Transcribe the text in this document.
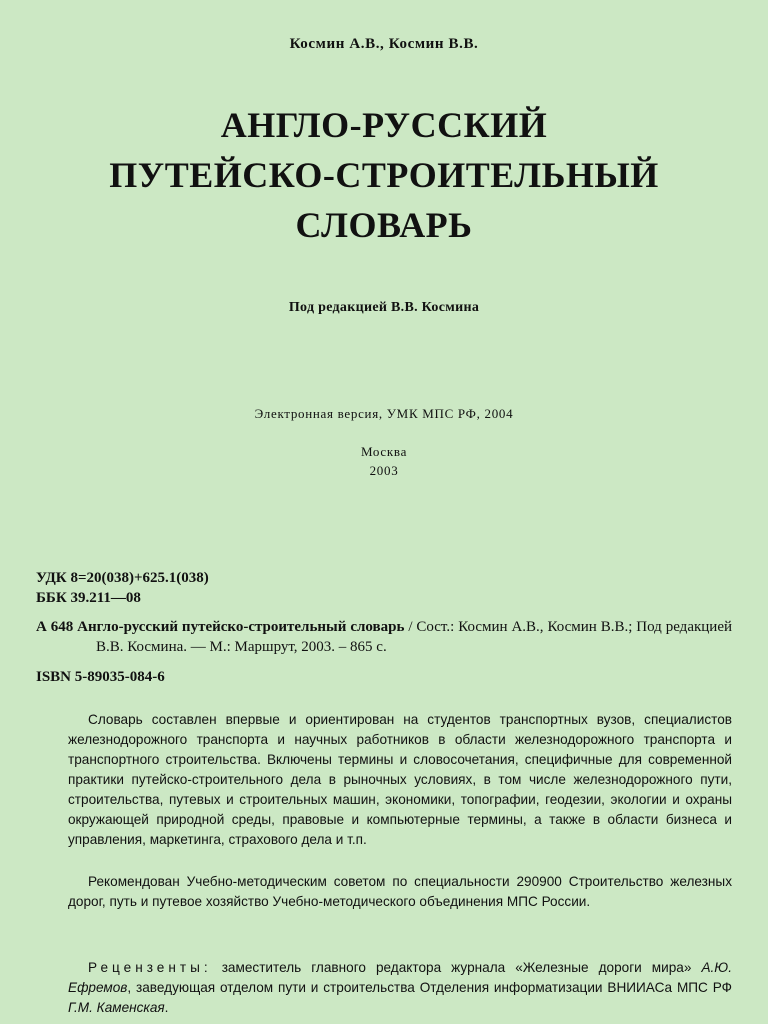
Космин А.В., Космин В.В.
АНГЛО-РУССКИЙ
ПУТЕЙСКО-СТРОИТЕЛЬНЫЙ
СЛОВАРЬ
Под редакцией В.В. Космина
Электронная версия, УМК МПС РФ, 2004
Москва
2003
УДК 8=20(038)+625.1(038)
ББК 39.211—08
А 648 Англо-русский путейско-строительный словарь / Сост.: Космин А.В., Космин В.В.; Под редакцией В.В. Космина. — М.: Маршрут, 2003. – 865 с.
ISBN 5-89035-084-6
Словарь составлен впервые и ориентирован на студентов транспортных вузов, специалистов железнодорожного транспорта и научных работников в области железнодорожного транспорта и транспортного строительства. Включены термины и словосочетания, специфичные для современной практики путейско-строительного дела в рыночных условиях, в том числе железнодорожного пути, строительства, путевых и строительных машин, экономики, топографии, геодезии, экологии и охраны окружающей природной среды, правовые и компьютерные термины, а также в области бизнеса и управления, маркетинга, страхового дела и т.п.
Рекомендован Учебно-методическим советом по специальности 290900 Строительство железных дорог, путь и путевое хозяйство Учебно-методического объединения МПС России.
Рецензенты: заместитель главного редактора журнала «Железные дороги мира» А.Ю. Ефремов, заведующая отделом пути и строительства Отделения информатизации ВНИИАСа МПС РФ Г.М. Каменская.
